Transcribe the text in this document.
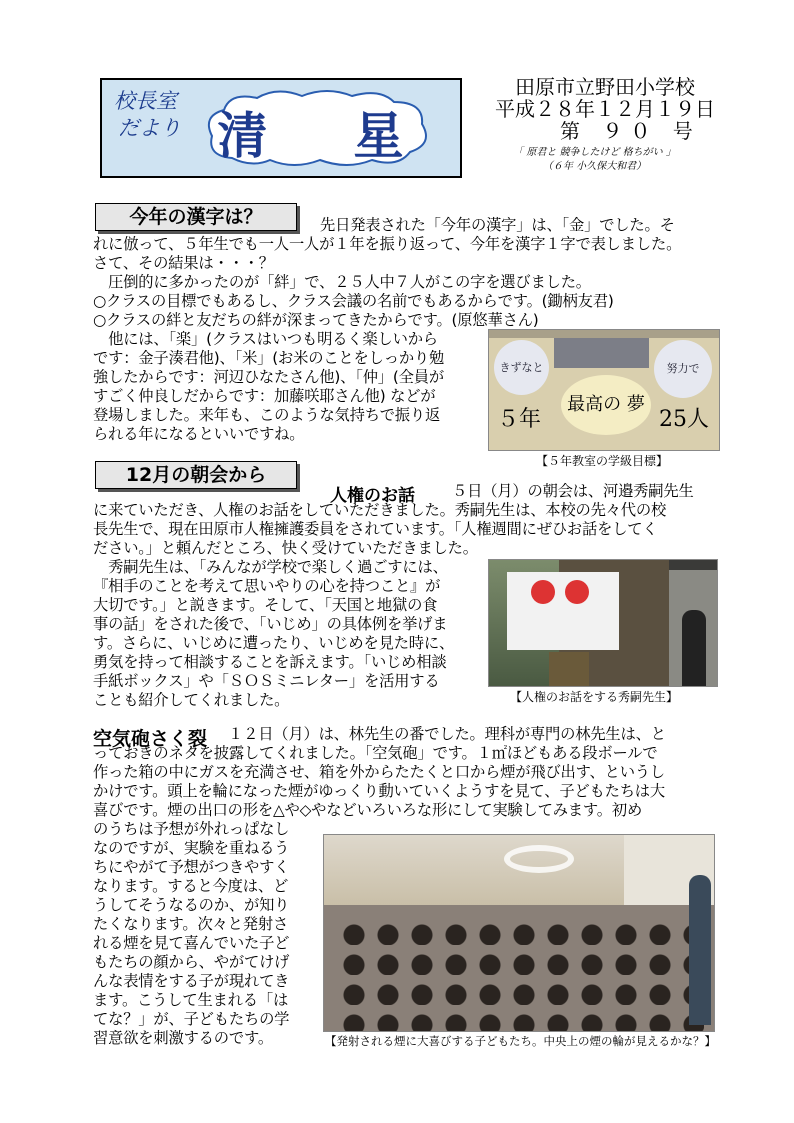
校長室
だより 清　星
田原市立野田小学校
平成２８年１２月１９日
第 ９０ 号
「 原君と 競争したけど 格ちがい 」
（６年 小久保大和君）
今年の漢字は？	先日発表された「今年の漢字」は、「金」でした。そ
れに倣って、５年生でも一人一人が１年を振り返って、今年を漢字１字で表しました。
さて、その結果は・・・？
　圧倒的に多かったのが「絆」で、２５人中７人がこの字を選びました。
○クラスの目標でもあるし、クラス会議の名前でもあるからです。(鋤柄友君)
○クラスの絆と友だちの絆が深まってきたからです。(原悠華さん)
　他には、「楽」(クラスはいつも明るく楽しいから
です：金子湊君他)、「米」(お米のことをしっかり勉
強したからです：河辺ひなたさん他)、「仲」(全員が
すごく仲良しだからです：加藤咲耶さん他) などが
登場しました。来年も、このような気持ちで振り返
られる年になるといいですね。
きずなと	努力で
最高の 夢
５年	25人
【５年教室の学級目標】
12月の朝会から
人権のお話 ５日（月）の朝会は、河邉秀嗣先生
に来ていただき、人権のお話をしていただきました。秀嗣先生は、本校の先々代の校
長先生で、現在田原市人権擁護委員をされています。「人権週間にぜひお話をしてく
ださい。」と頼んだところ、快く受けていただきました。
　秀嗣先生は、「みんなが学校で楽しく過ごすには、
『相手のことを考えて思いやりの心を持つこと』が
大切です。」と説きます。そして、「天国と地獄の食
事の話」をされた後で、「いじめ」の具体例を挙げま
す。さらに、いじめに遭ったり、いじめを見た時に、
勇気を持って相談することを訴えます。「いじめ相談
手紙ボックス」や「ＳＯＳミニレター」を活用する
ことも紹介してくれました。	【人権のお話をする秀嗣先生】
空気砲さく裂 １２日（月）は、林先生の番でした。理科が専門の林先生は、と
っておきのネタを披露してくれました。「空気砲」です。１㎡ほどもある段ボールで
作った箱の中にガスを充満させ、箱を外からたたくと口から煙が飛び出す、というし
かけです。頭上を輪になった煙がゆっくり動いていくようすを見て、子どもたちは大
喜びです。煙の出口の形を△や◇やなどいろいろな形にして実験してみます。初め
のうちは予想が外れっぱなし
なのですが、実験を重ねるう
ちにやがて予想がつきやすく
なります。すると今度は、ど
うしてそうなるのか、が知り
たくなります。次々と発射さ
れる煙を見て喜んでいた子ど
もたちの顔から、やがてけげ
んな表情をする子が現れてき
ます。こうして生まれる「は
てな？」が、子どもたちの学
習意欲を刺激するのです。	【発射される煙に大喜びする子どもたち。中央上の煙の輪が見えるかな？】
